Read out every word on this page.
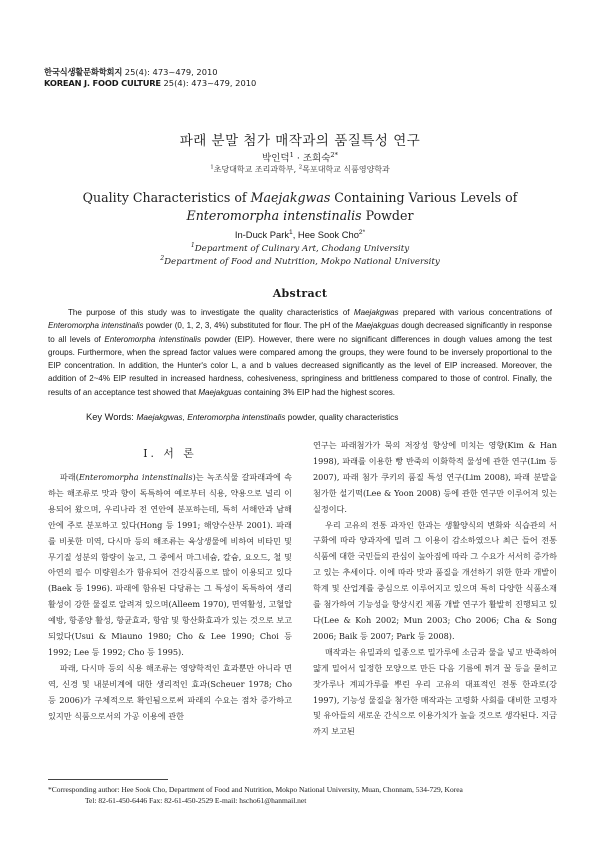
한국식생활문화학회지 25(4): 473~479, 2010
KOREAN J. FOOD CULTURE 25(4): 473~479, 2010
파래 분말 첨가 매작과의 품질특성 연구
박인덕$^1$ · 조희숙$^{2*}$
$^1$초당대학교 조리과학부, $^2$목포대학교 식품영양학과
Quality Characteristics of Maejakgwas Containing Various Levels of
Enteromorpha intenstinalis Powder
In-Duck Park$^1$, Hee Sook Cho$^{2*}$
$^1$Department of Culinary Art, Chodang University
$^2$Department of Food and Nutrition, Mokpo National University
Abstract
The purpose of this study was to investigate the quality characteristics of Maejakgwas prepared with various concentrations of Enteromorpha intenstinalis powder (0, 1, 2, 3, 4%) substituted for flour. The pH of the Maejakguas dough decreased significantly in response to all levels of Enteromorpha intenstinalis powder (EIP). However, there were no significant differences in dough values among the test groups. Furthermore, when the spread factor values were compared among the groups, they were found to be inversely proportional to the EIP concentration. In addition, the Hunter's color L, a and b values decreased significantly as the level of EIP increased. Moreover, the addition of 2~4% EIP resulted in increased hardness, cohesiveness, springiness and brittleness compared to those of control. Finally, the results of an acceptance test showed that Maejakguas containing 3% EIP had the highest scores.
Key Words: Maejakgwas, Enteromorpha intenstinalis powder, quality characteristics
Ⅰ. 서 론

파래(Enteromorpha intenstinalis)는 녹조식물 갈파래과에 속하는 해조류로 맛과 향이 독특하여 예로부터 식용, 약용으로 널리 이용되어 왔으며, 우리나라 전 연안에 분포하는데, 특히 서해안과 남해안에 주로 분포하고 있다(Hong 등 1991; 해양수산부 2001). 파래를 비롯한 미역, 다시마 등의 해조류는 육상생물에 비하여 비타민 및 무기질 성분의 함량이 높고, 그 중에서 마그네슘, 칼슘, 요오드, 철 및 아연의 필수 미량원소가 함유되어 건강식품으로 많이 이용되고 있다(Baek 등 1996). 파래에 함유된 다당류는 그 특성이 독특하여 생리활성이 강한 물질로 알려져 있으며(Alleem 1970), 면역활성, 고혈압 예방, 항종양 활성, 항균효과, 항암 및 항산화효과가 있는 것으로 보고되었다(Usui & Miauno 1980; Cho & Lee 1990; Choi 등 1992; Lee 등 1992; Cho 등 1995).

파래, 다시마 등의 식용 해조류는 영양학적인 효과뿐만 아니라 면역, 신경 및 내분비계에 대한 생리적인 효과(Scheuer 1978; Cho 등 2006)가 구체적으로 확인됨으로써 파래의 수요는 점차 증가하고 있지만 식품으로서의 가공 이용에 관한

연구는 파래첨가가 묵의 저장성 향상에 미치는 영향(Kim & Han 1998), 파래를 이용한 빵 반죽의 이화학적 물성에 관한 연구(Lim 등 2007), 파래 첨가 쿠키의 품질 특성 연구(Lim 2008), 파래 분말을 첨가한 설기떡(Lee & Yoon 2008) 등에 관한 연구만 이루어져 있는 실정이다.

우리 고유의 전통 과자인 한과는 생활양식의 변화와 식습관의 서구화에 따라 양과자에 밀려 그 이용이 감소하였으나 최근 들어 전통 식품에 대한 국민들의 관심이 높아짐에 따라 그 수요가 서서히 증가하고 있는 추세이다. 이에 따라 맛과 품질을 개선하기 위한 한과 개발이 학계 및 산업계를 중심으로 이루어지고 있으며 특히 다양한 식품소재를 첨가하여 기능성을 향상시킨 제품 개발 연구가 활발히 진행되고 있다(Lee & Koh 2002; Mun 2003; Cho 2006; Cha & Song 2006; Baik 등 2007; Park 등 2008).

매작과는 유밀과의 일종으로 밀가루에 소금과 물을 넣고 반죽하여 얇게 밀어서 일정한 모양으로 만든 다음 기름에 튀겨 꿀 등을 묻히고 잣가루나 계피가루를 뿌린 우리 고유의 대표적인 전통 한과로(강 1997), 기능성 물질을 첨가한 매작과는 고령화 사회를 대비한 고령자 및 유아들의 새로운 간식으로 이용가치가 높을 것으로 생각된다. 지금까지 보고된

*Corresponding author: Hee Sook Cho, Department of Food and Nutrition, Mokpo National University, Muan, Chonnam, 534-729, Korea
Tel: 82-61-450-6446 Fax: 82-61-450-2529 E-mail: hscho61@hanmail.net
